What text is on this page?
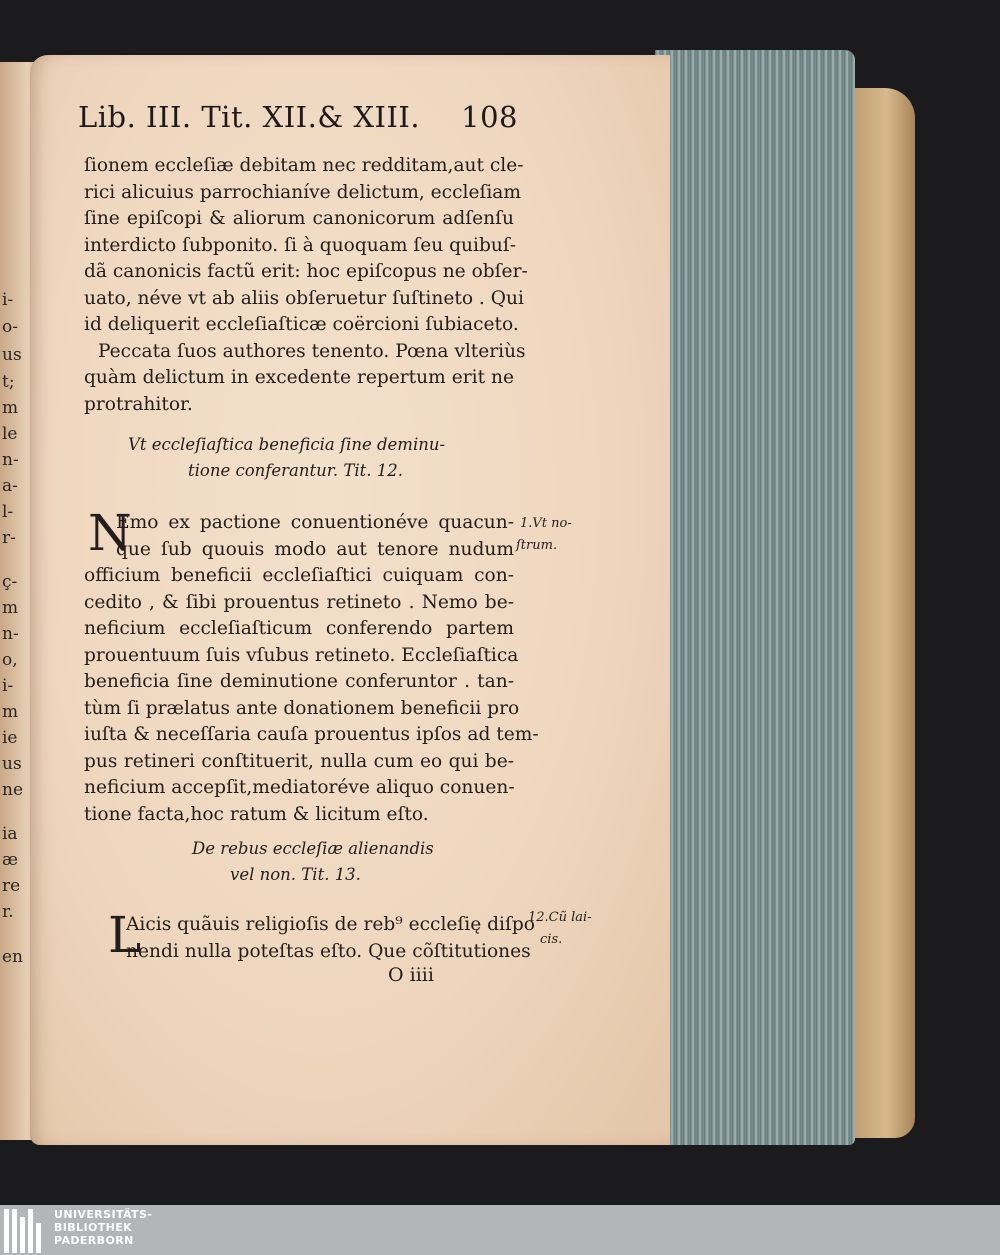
i-
o-
us
t;
m
le
n-
a-
l-
r-
ç-
m
n-
o,
i-
m
ie
us
ne
ia
æ
re
r.
en
Lib. III. Tit. XII.& XIII. 108
ſionem eccleſiæ debitam nec redditam,aut cle-
rici alicuius parrochianíve delictum, eccleſiam
ſine epiſcopi & aliorum canonicorum adſenſu
interdicto ſubponito. ſi à quoquam ſeu quibuſ-
dã canonicis factũ erit: hoc epiſcopus ne obſer-
uato, néve vt ab aliis obſeruetur ſuſtineto . Qui
id deliquerit eccleſiaſticæ coërcioni ſubiaceto.
Peccata ſuos authores tenento. Pœna vlteriùs
quàm delictum in excedente repertum erit ne
protrahitor.
Vt eccleſiaſtica beneficia ſine deminu-
tione conferantur. Tit. 12.
N
Emo ex pactione conuentionéve quacun-
que ſub quouis modo aut tenore nudum
officium beneficii eccleſiaſtici cuiquam con-
cedito , & ſibi prouentus retineto . Nemo be-
neficium eccleſiaſticum conferendo partem
prouentuum ſuis vſubus retineto. Eccleſiaſtica
beneficia ſine deminutione conferuntor . tan-
tùm ſi prælatus ante donationem beneficii pro
iuſta & neceſſaria cauſa prouentus ipſos ad tem-
pus retineri conſtituerit, nulla cum eo qui be-
neficium accepſit,mediatoréve aliquo conuen-
tione facta,hoc ratum & licitum eſto.
1.Vt no-
ſtrum.
De rebus eccleſiæ alienandis
vel non. Tit. 13.
L
Aicis quãuis religioſis de reb⁹ eccleſię diſpo
nendi nulla poteſtas eſto. Que cõſtitutiones
12.Cũ lai-
cis.
O iiii
UNIVERSITÄTS-
BIBLIOTHEK
PADERBORN
